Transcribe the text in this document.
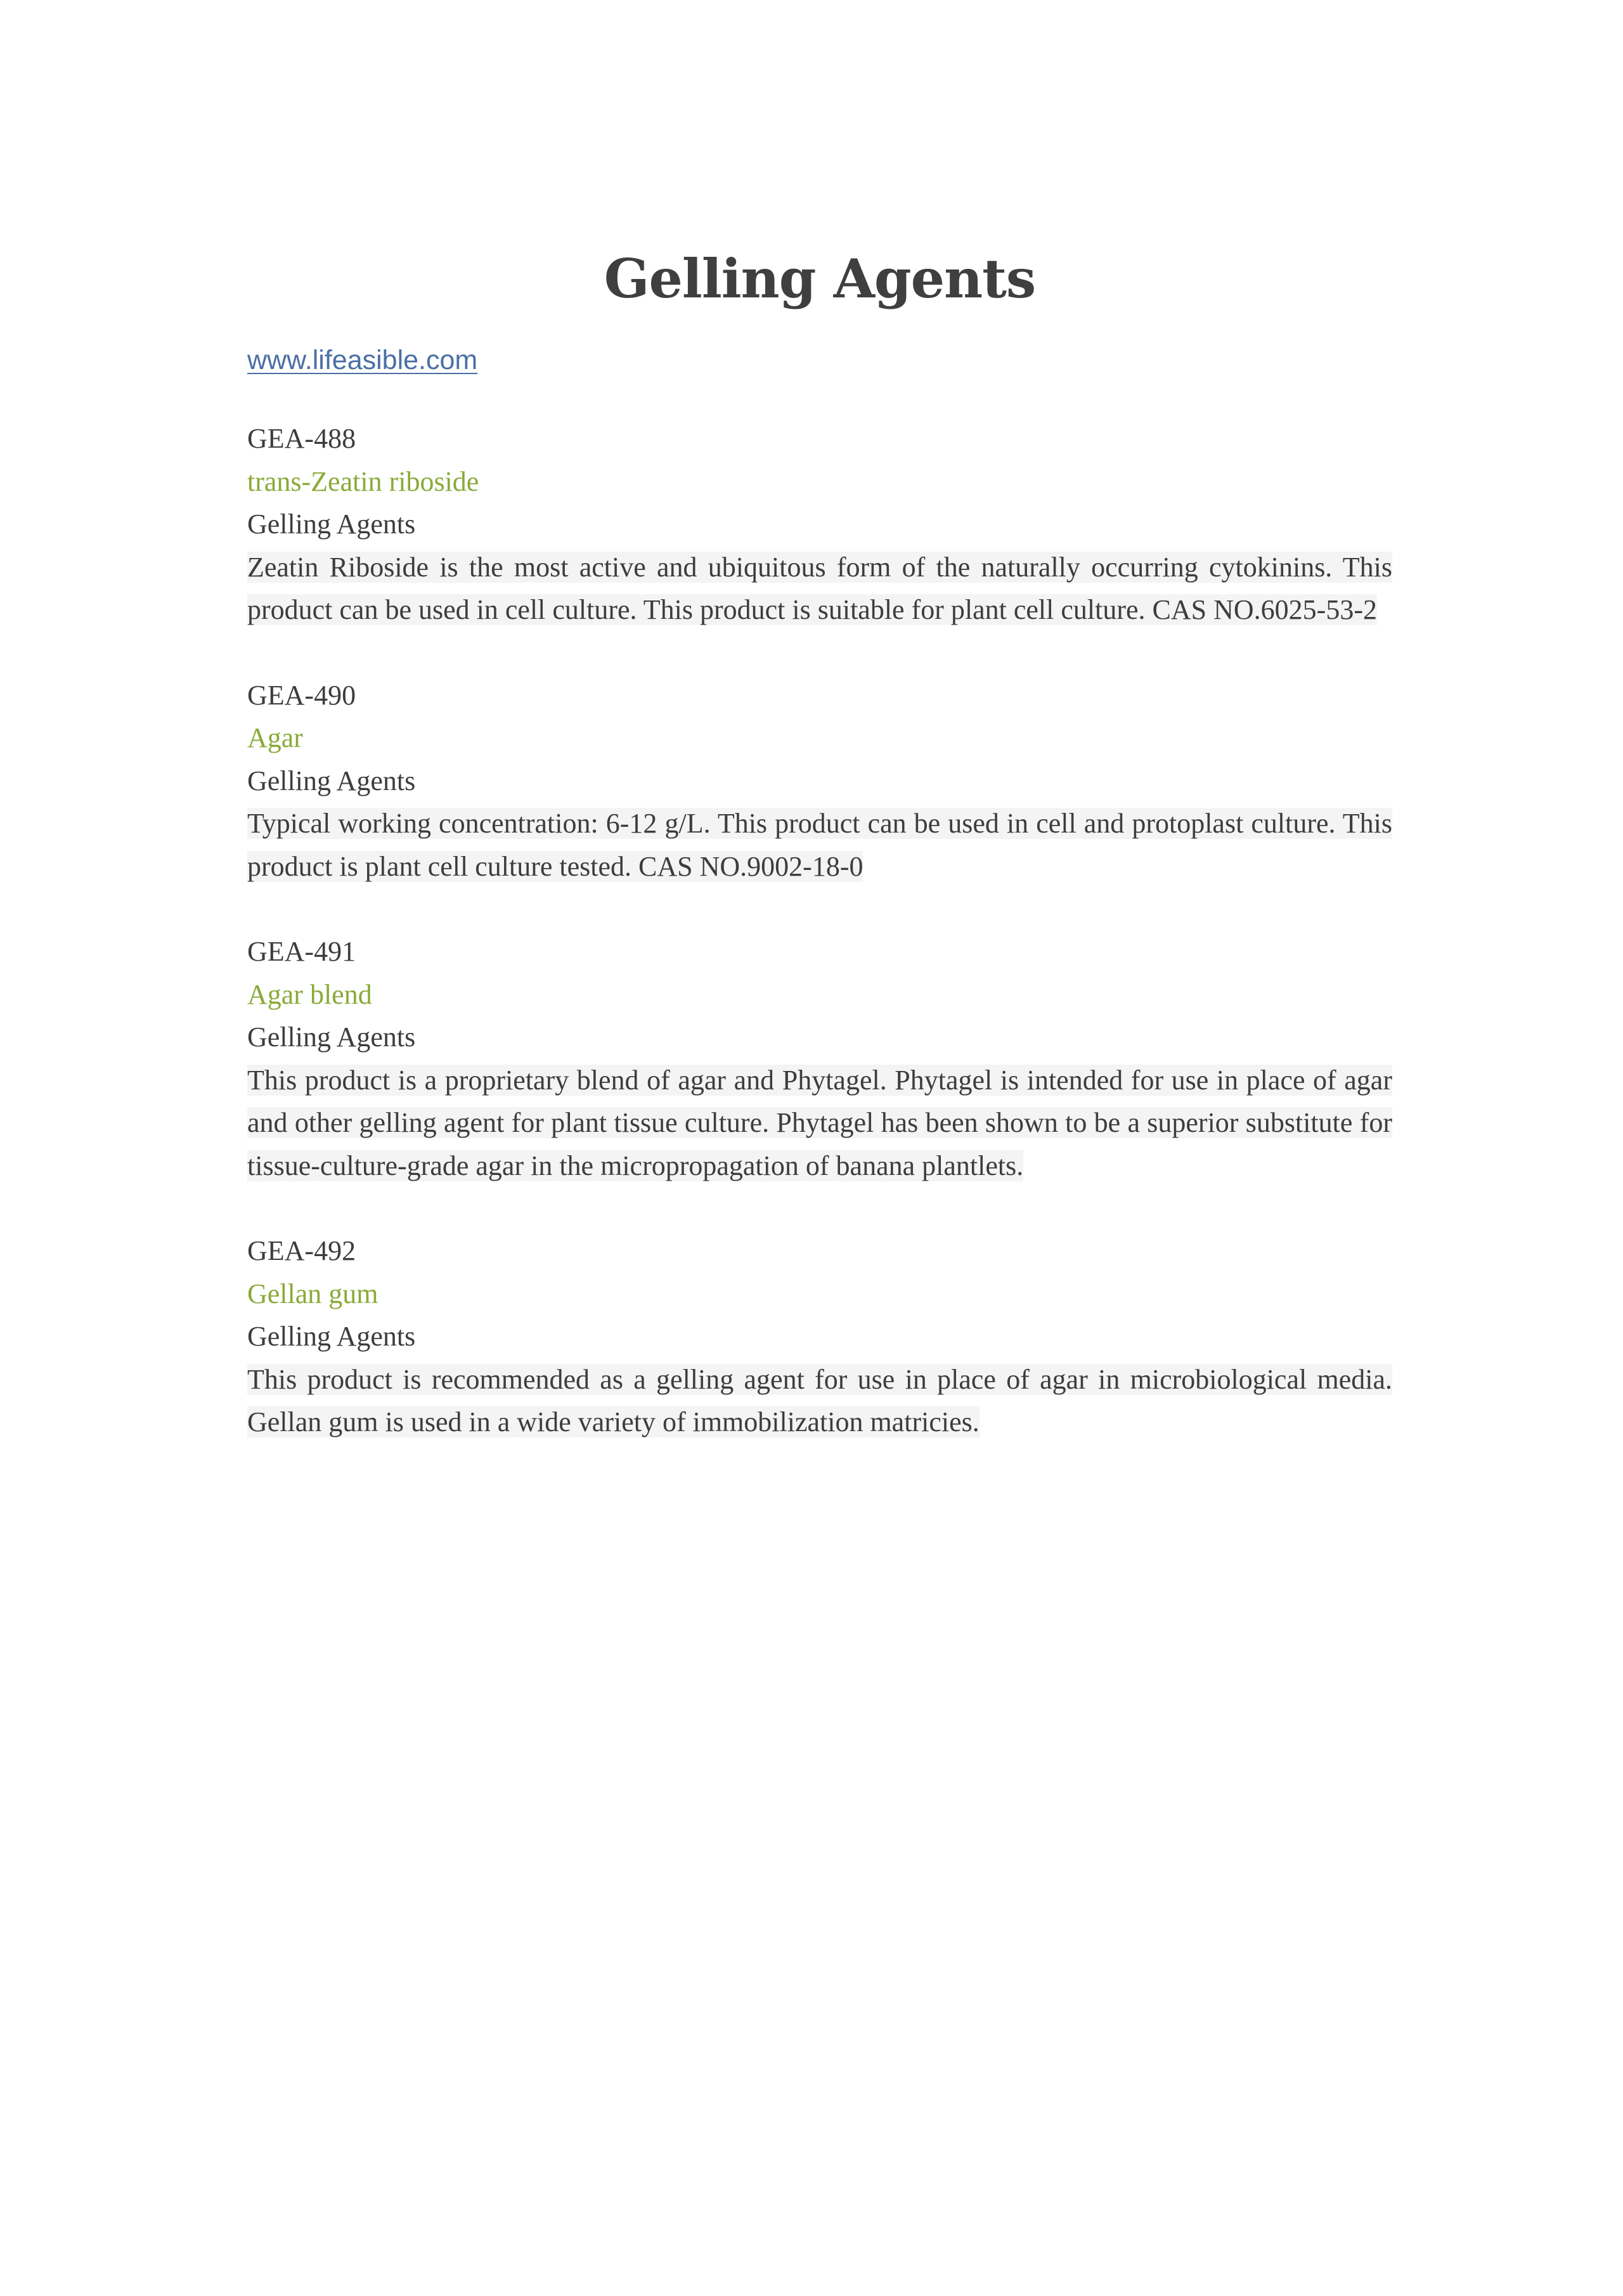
Gelling Agents
www.lifeasible.com

GEA-488

trans-Zeatin riboside

Gelling Agents

Zeatin Riboside is the most active and ubiquitous form of the naturally occurring cytokinins. This product can be used in cell culture. This product is suitable for plant cell culture. CAS NO.6025-53-2

GEA-490

Agar

Gelling Agents

Typical working concentration: 6-12 g/L. This product can be used in cell and protoplast culture. This product is plant cell culture tested. CAS NO.9002-18-0

GEA-491

Agar blend

Gelling Agents

This product is a proprietary blend of agar and Phytagel. Phytagel is intended for use in place of agar and other gelling agent for plant tissue culture. Phytagel has been shown to be a superior substitute for tissue-culture-grade agar in the micropropagation of banana plantlets.

GEA-492

Gellan gum

Gelling Agents

This product is recommended as a gelling agent for use in place of agar in microbiological media. Gellan gum is used in a wide variety of immobilization matricies.
